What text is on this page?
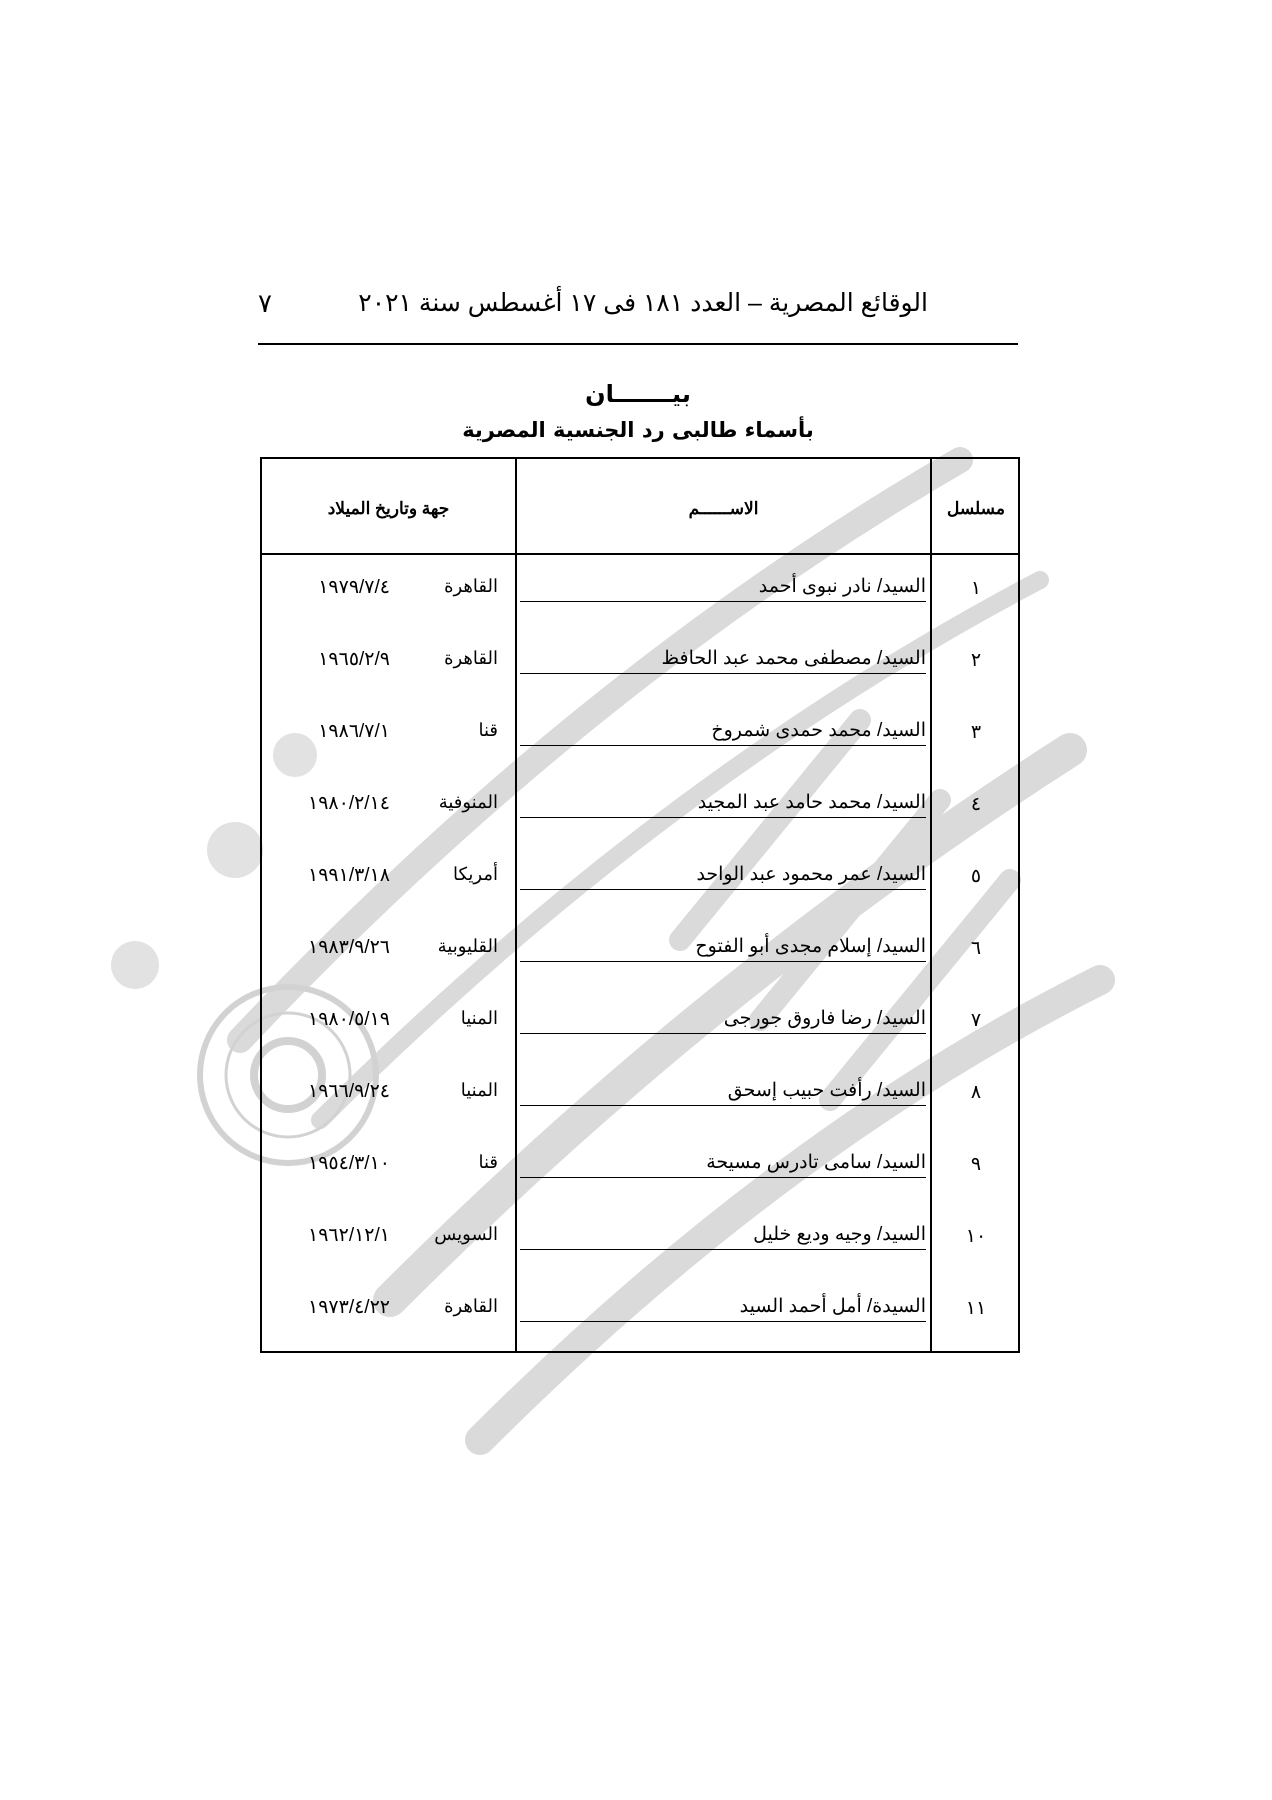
الوقائع المصرية – العدد ١٨١ فى ١٧ أغسطس سنة ٢٠٢١
٧
بيـــــــان
بأسماء طالبى رد الجنسية المصرية
مسلسل
الاســــــم
جهة وتاريخ الميلاد
١
السيد/ نادر نبوى أحمد
القاهرة
١٩٧٩/٧/٤
٢
السيد/ مصطفى محمد عبد الحافظ
القاهرة
١٩٦٥/٢/٩
٣
السيد/ محمد حمدى شمروخ
قنا
١٩٨٦/٧/١
٤
السيد/ محمد حامد عبد المجيد
المنوفية
١٩٨٠/٢/١٤
٥
السيد/ عمر محمود عبد الواحد
أمريكا
١٩٩١/٣/١٨
٦
السيد/ إسلام مجدى أبو الفتوح
القليوبية
١٩٨٣/٩/٢٦
٧
السيد/ رضا فاروق جورجى
المنيا
١٩٨٠/٥/١٩
٨
السيد/ رأفت حبيب إسحق
المنيا
١٩٦٦/٩/٢٤
٩
السيد/ سامى تادرس مسيحة
قنا
١٩٥٤/٣/١٠
١٠
السيد/ وجيه وديع خليل
السويس
١٩٦٢/١٢/١
١١
السيدة/ أمل أحمد السيد
القاهرة
١٩٧٣/٤/٢٢
